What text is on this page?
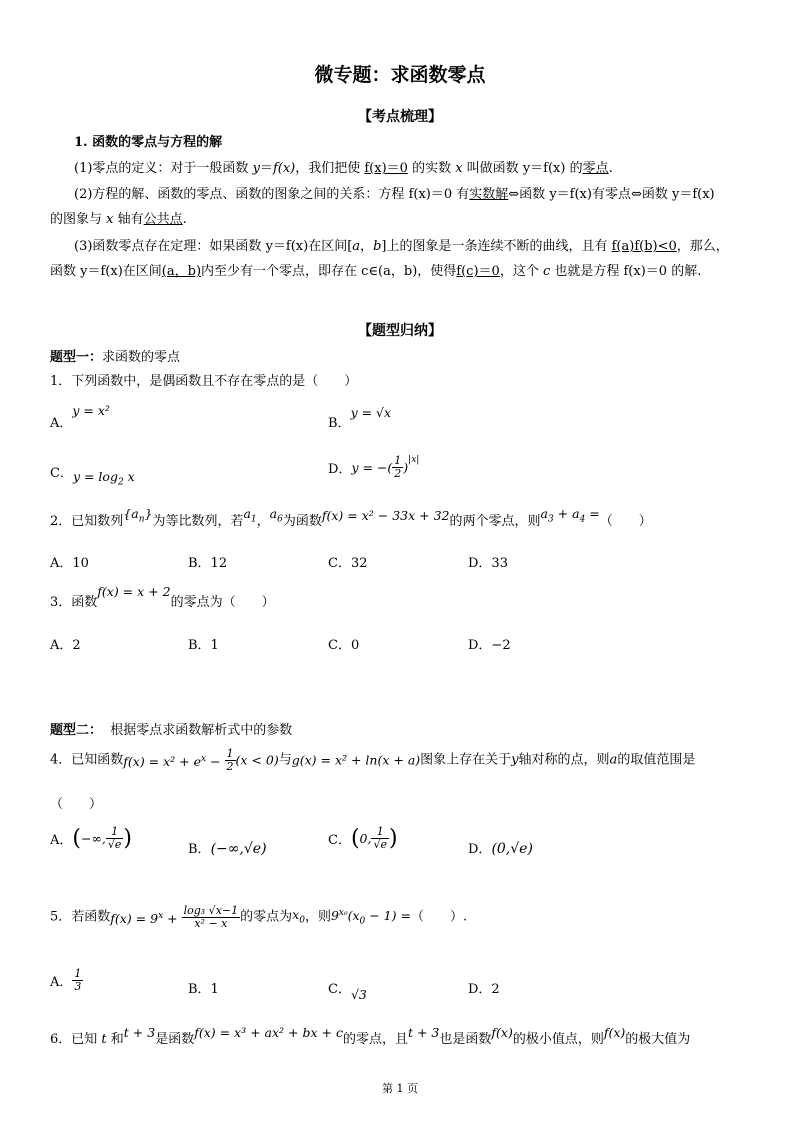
微专题：求函数零点
【考点梳理】
1. 函数的零点与方程的解
(1)零点的定义：对于一般函数 y＝f(x)，我们把使 f(x)＝0 的实数 x 叫做函数 y＝f(x) 的零点.
(2)方程的解、函数的零点、函数的图象之间的关系：方程 f(x)＝0 有实数解⇔函数 y＝f(x)有零点⇔函数 y＝f(x)
的图象与 x 轴有公共点.
(3)函数零点存在定理：如果函数 y＝f(x)在区间[a，b]上的图象是一条连续不断的曲线，且有 f(a)f(b)<0，那么，
函数 y＝f(x)在区间(a，b)内至少有一个零点，即存在 c∈(a，b)，使得f(c)＝0，这个 c 也就是方程 f(x)＝0 的解.
【题型归纳】
题型一：求函数的零点
1．下列函数中，是偶函数且不存在零点的是（　　）
A．y = x²
B．y = √x
C．$y = \log_2 x$	D．y = −( $\frac{1}{2} )^{|x|}$
2．已知数列$\{a_n\}$为等比数列，若$a_1$，$a_6$为函数f(x) = x² − 33x + 32的两个零点，则$a_3 + a_4$ =（　　）
A．10	B．12	C．32	D．33
3．函数f(x) = x + 2的零点为（　　）
A．2	B．1	C．0	D．−2
题型二： 根据零点求函数解析式中的参数
4．已知函数$f(x) = x^2 + e^x - \frac{1}{2} (x < 0)$与g(x) = x² + ln(x + a)图象上存在关于y轴对称的点，则a的取值范围是
（　　）
A．(−∞, $\frac{1}{√e}$ )	B．(−∞,√e)
C．(0, $\frac{1}{√e}$ )	D．(0,√e)
5．若函数$f(x) = 9^x + \frac{\text{log₃ √x−1}}{\text{x² − x}}$ 的零点为$x_0$，则$9^{x_0}(x_0 - 1)$ =（　　）.
A． $\frac{1}{3}$	B．1	C．√3	D．2
6．已知 t 和t + 3是函数f(x) = x³ + ax² + bx + c的零点，且t + 3也是函数f(x)的极小值点，则f(x)的极大值为
第 1 页
